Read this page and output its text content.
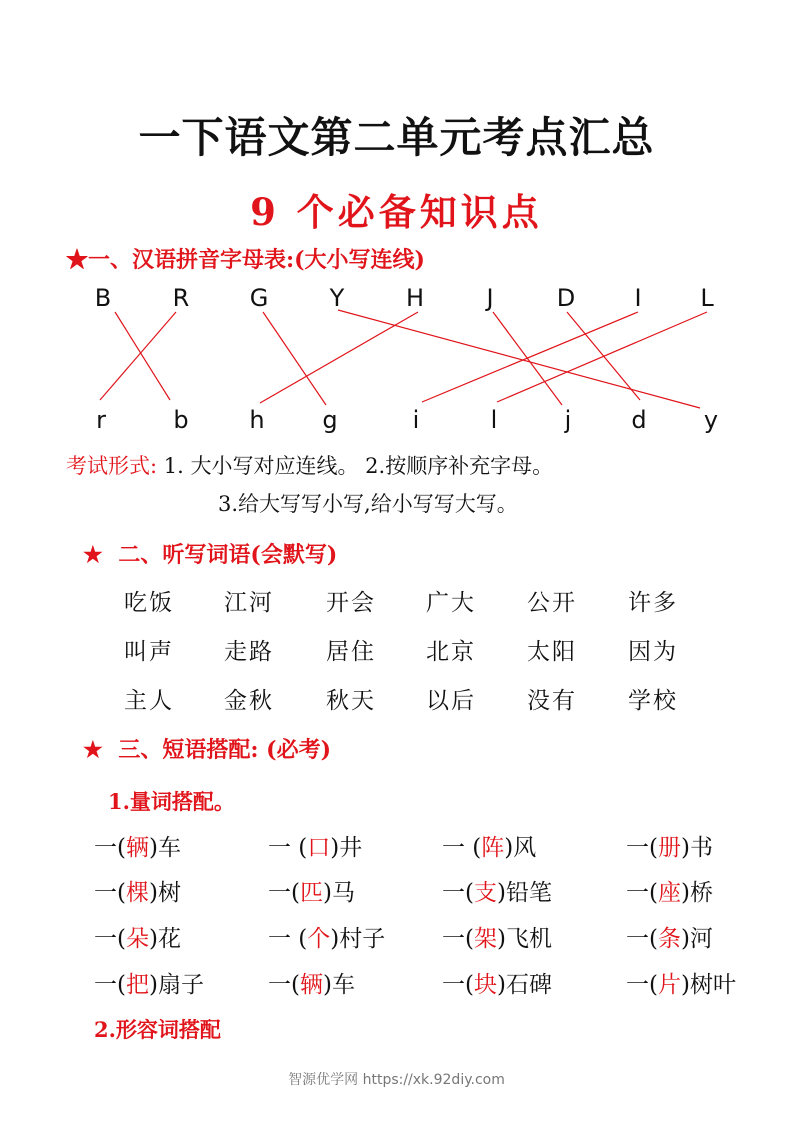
一下语文第二单元考点汇总
9 个必备知识点
★一、汉语拼音字母表:(大小写连线)
B	R	G	Y	H	J	D I L
r	b	h g	i	l	j	d y
考试形式: 1. 大小写对应连线。 2.按顺序补充字母。
3.给大写写小写,给小写写大写。
★ 二、听写词语(会默写)
吃饭 江河 开会 广大 公开 许多
叫声 走路 居住 北京 太阳 因为
主人 金秋 秋天 以后 没有 学校
★ 三、短语搭配: (必考)
1.量词搭配。
一(辆)车	一 (口)井	一 (阵)风	一(册)书
一(棵)树	一(匹)马	一(支)铅笔	一(座)桥
一(朵)花	一 (个)村子 一(架)飞机	一(条)河
一(把)扇子	一(辆)车	一(块)石碑	一(片)树叶
2.形容词搭配
智源优学网 https://xk.92diy.com
